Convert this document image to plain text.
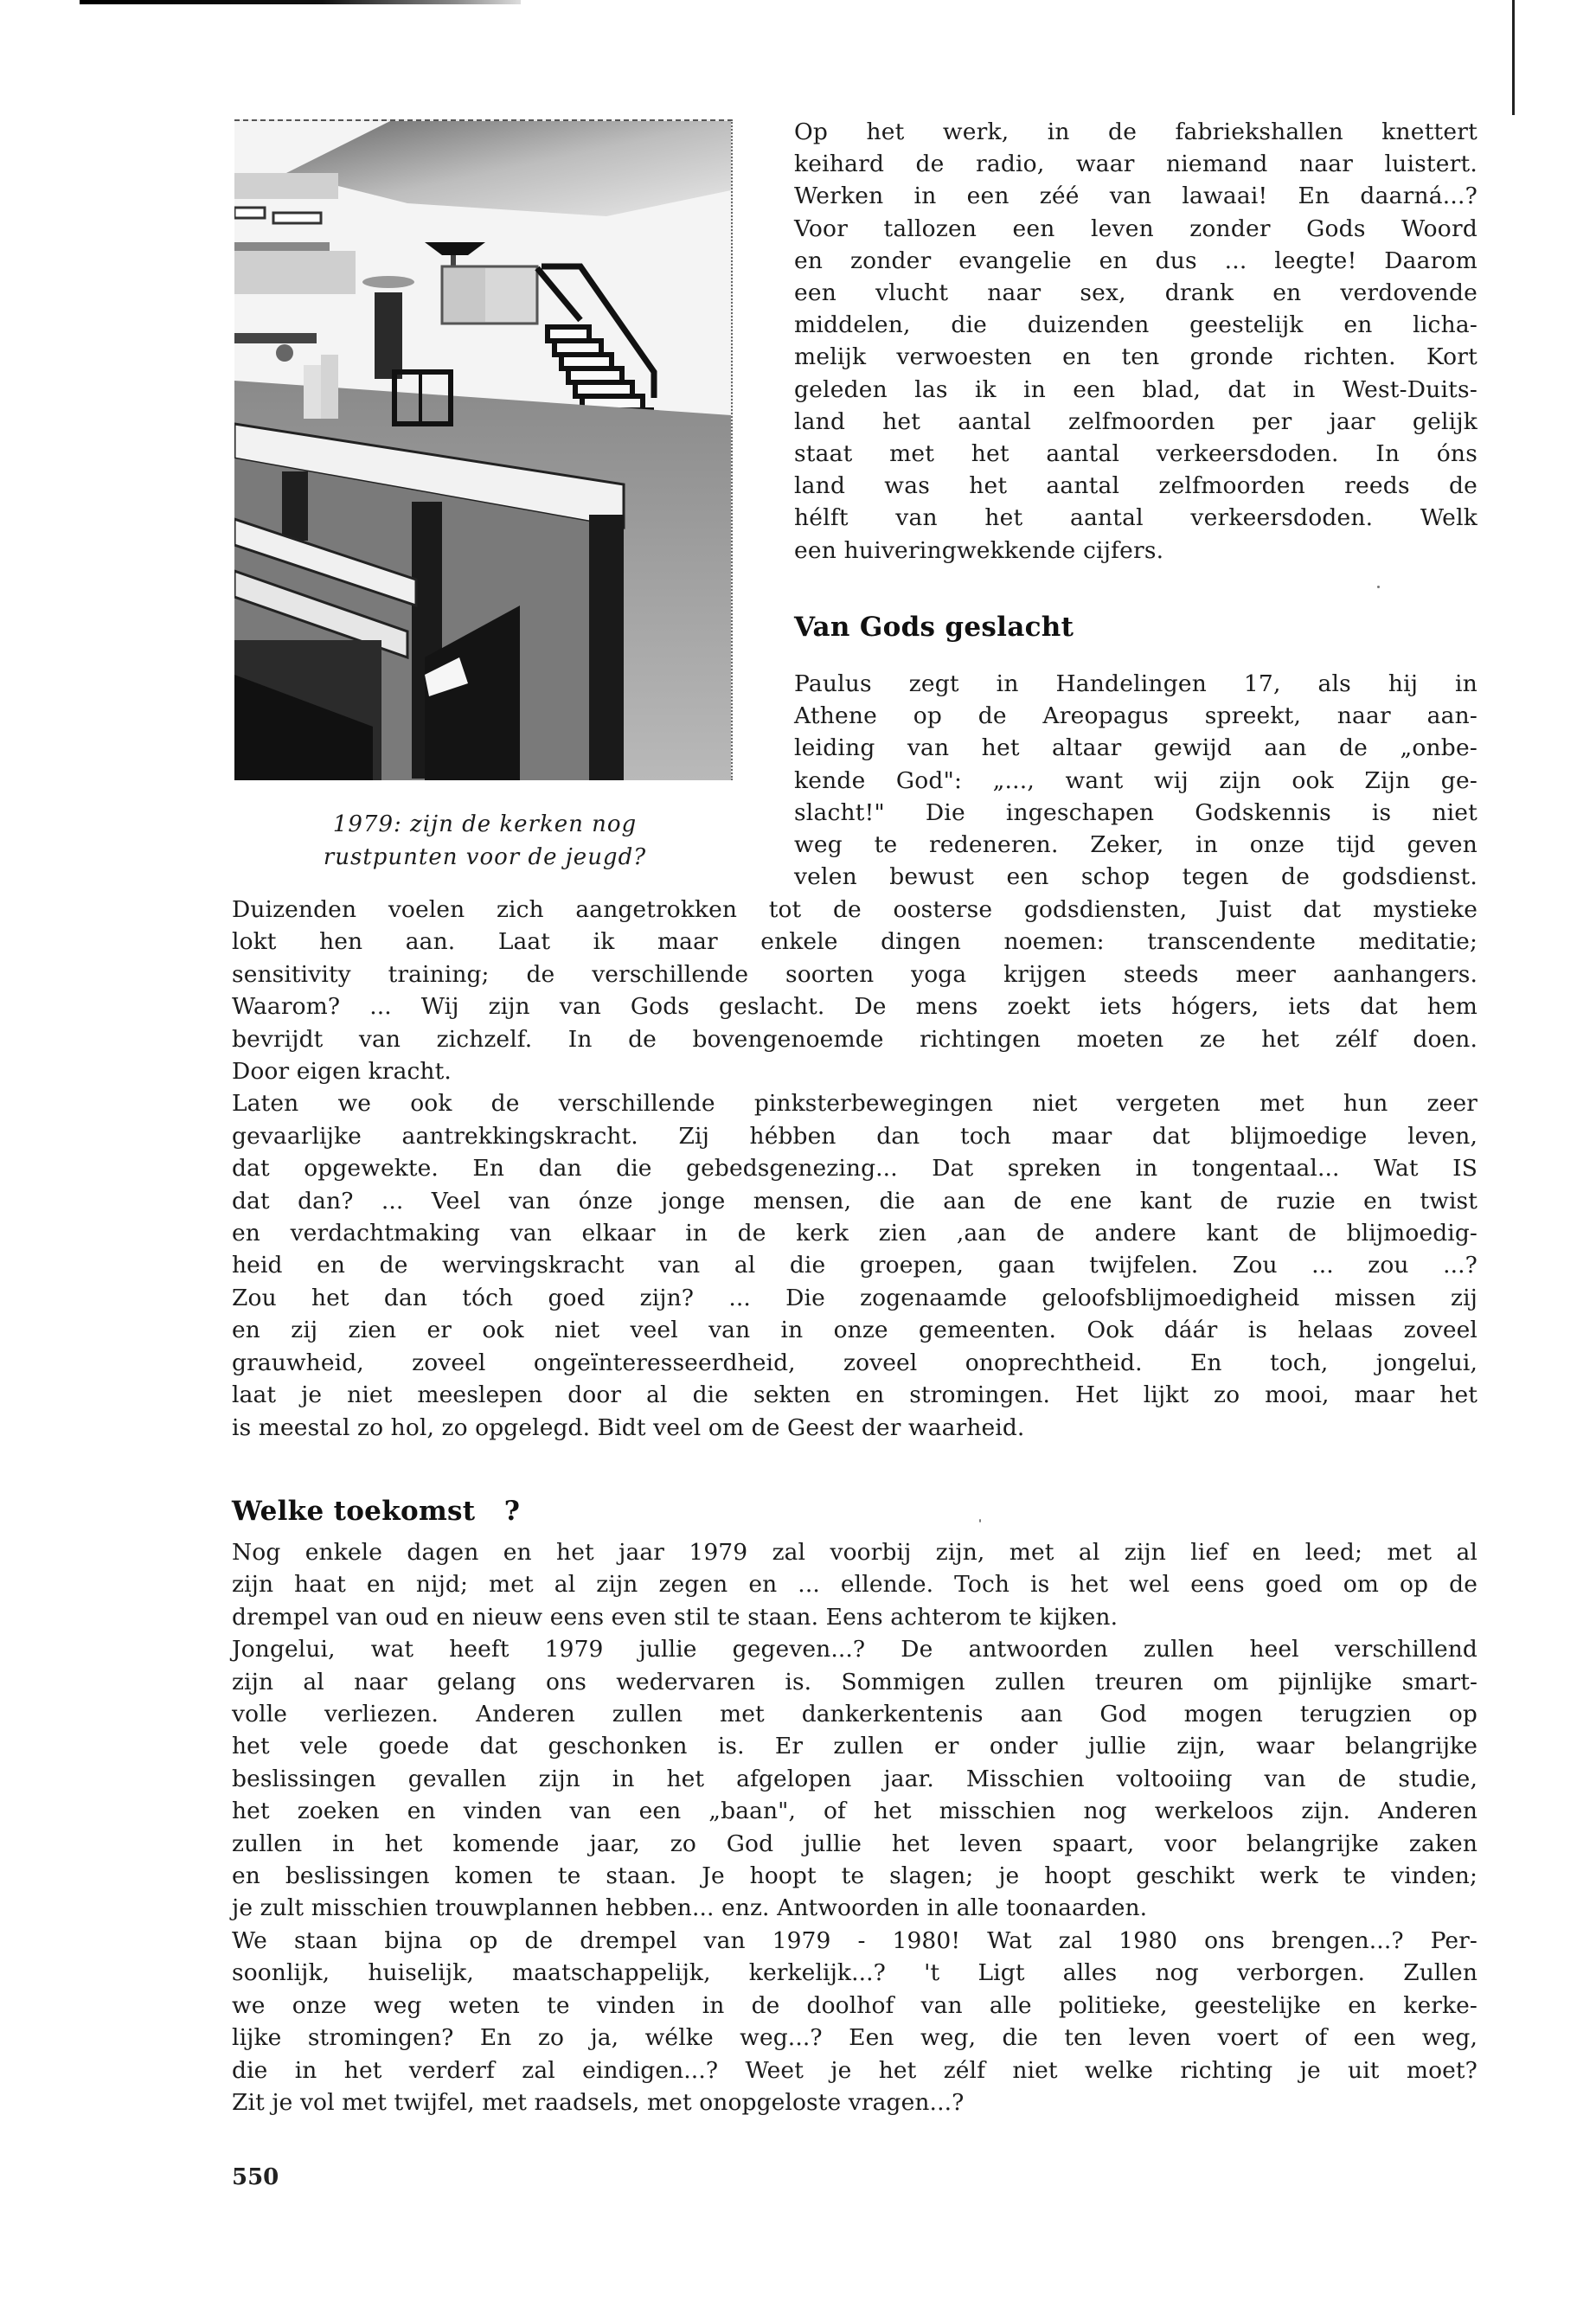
1979: zijn de kerken nog
rustpunten voor de jeugd?
Op het werk, in de fabriekshallen knettert
keihard de radio, waar niemand naar luistert.
Werken in een zéé van lawaai! En daarná...?
Voor tallozen een leven zonder Gods Woord
en zonder evangelie en dus ... leegte! Daarom
een vlucht naar sex, drank en verdovende
middelen, die duizenden geestelijk en licha-
melijk verwoesten en ten gronde richten. Kort
geleden las ik in een blad, dat in West-Duits-
land het aantal zelfmoorden per jaar gelijk
staat met het aantal verkeersdoden. In óns
land was het aantal zelfmoorden reeds de
hélft van het aantal verkeersdoden. Welk
een huiveringwekkende cijfers.
Van Gods geslacht
Paulus zegt in Handelingen 17, als hij in
Athene op de Areopagus spreekt, naar aan-
leiding van het altaar gewijd aan de „onbe-
kende God": „..., want wij zijn ook Zijn ge-
slacht!" Die ingeschapen Godskennis is niet
weg te redeneren. Zeker, in onze tijd geven
velen bewust een schop tegen de godsdienst.
Duizenden voelen zich aangetrokken tot de oosterse godsdiensten, Juist dat mystieke
lokt hen aan. Laat ik maar enkele dingen noemen: transcendente meditatie;
sensitivity training; de verschillende soorten yoga krijgen steeds meer aanhangers.
Waarom? ... Wij zijn van Gods geslacht. De mens zoekt iets hógers, iets dat hem
bevrijdt van zichzelf. In de bovengenoemde richtingen moeten ze het zélf doen.
Door eigen kracht.
Laten we ook de verschillende pinksterbewegingen niet vergeten met hun zeer
gevaarlijke aantrekkingskracht. Zij hébben dan toch maar dat blijmoedige leven,
dat opgewekte. En dan die gebedsgenezing... Dat spreken in tongentaal... Wat IS
dat dan? ... Veel van ónze jonge mensen, die aan de ene kant de ruzie en twist
en verdachtmaking van elkaar in de kerk zien ,aan de andere kant de blijmoedig-
heid en de wervingskracht van al die groepen, gaan twijfelen. Zou ... zou ...?
Zou het dan tóch goed zijn? ... Die zogenaamde geloofsblijmoedigheid missen zij
en zij zien er ook niet veel van in onze gemeenten. Ook dáár is helaas zoveel
grauwheid, zoveel ongeïnteresseerdheid, zoveel onoprechtheid. En toch, jongelui,
laat je niet meeslepen door al die sekten en stromingen. Het lijkt zo mooi, maar het
is meestal zo hol, zo opgelegd. Bidt veel om de Geest der waarheid.
Welke toekomst   ?
Nog enkele dagen en het jaar 1979 zal voorbij zijn, met al zijn lief en leed; met al
zijn haat en nijd; met al zijn zegen en ... ellende. Toch is het wel eens goed om op de
drempel van oud en nieuw eens even stil te staan. Eens achterom te kijken.
Jongelui, wat heeft 1979 jullie gegeven...? De antwoorden zullen heel verschillend
zijn al naar gelang ons wedervaren is. Sommigen zullen treuren om pijnlijke smart-
volle verliezen. Anderen zullen met dankerkentenis aan God mogen terugzien op
het vele goede dat geschonken is. Er zullen er onder jullie zijn, waar belangrijke
beslissingen gevallen zijn in het afgelopen jaar. Misschien voltooiing van de studie,
het zoeken en vinden van een „baan", of het misschien nog werkeloos zijn. Anderen
zullen in het komende jaar, zo God jullie het leven spaart, voor belangrijke zaken
en beslissingen komen te staan. Je hoopt te slagen; je hoopt geschikt werk te vinden;
je zult misschien trouwplannen hebben... enz. Antwoorden in alle toonaarden.
We staan bijna op de drempel van 1979 - 1980! Wat zal 1980 ons brengen...? Per-
soonlijk, huiselijk, maatschappelijk, kerkelijk...? 't Ligt alles nog verborgen. Zullen
we onze weg weten te vinden in de doolhof van alle politieke, geestelijke en kerke-
lijke stromingen? En zo ja, wélke weg...? Een weg, die ten leven voert of een weg,
die in het verderf zal eindigen...? Weet je het zélf niet welke richting je uit moet?
Zit je vol met twijfel, met raadsels, met onopgeloste vragen...?
550
